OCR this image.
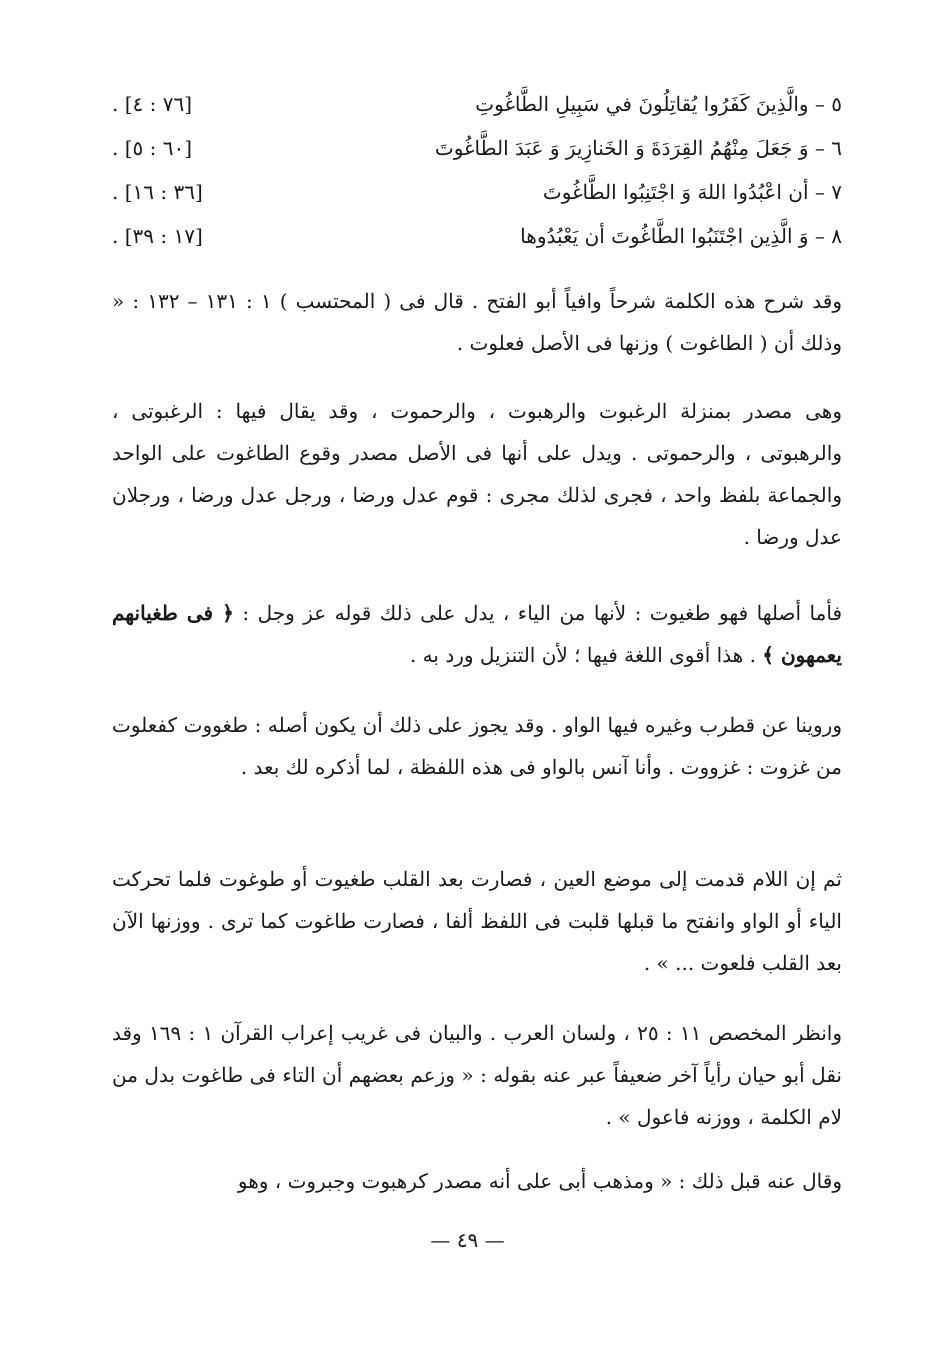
٥ – والَّذِينَ كَفَرُوا يُقاتِلُونَ في سَبِيلِ الطَّاغُوتِ
. [٧٦ : ٤]
٦ – وَ جَعَلَ مِنْهُمُ القِرَدَةَ وَ الخَنازِيرَ وَ عَبَدَ الطَّاغُوتَ
. [٦٠ : ٥]
٧ – أن اعْبُدُوا اللهَ وَ اجْتَنِبُوا الطَّاغُوتَ
. [٣٦ : ١٦]
٨ – وَ الَّذِين اجْتَنَبُوا الطَّاغُوتَ أن يَعْبُدُوها
. [١٧ : ٣٩]

وقد شرح هذه الكلمة شرحاً وافياً أبو الفتح . قال فى ( المحتسب ) ١ : ١٣١ – ١٣٢ : « وذلك أن ( الطاغوت ) وزنها فى الأصل فعلوت .

وهى مصدر بمنزلة الرغبوت والرهبوت ، والرحموت ، وقد يقال فيها : الرغبوتى ، والرهبوتى ، والرحموتى . ويدل على أنها فى الأصل مصدر وقوع الطاغوت على الواحد والجماعة بلفظ واحد ، فجرى لذلك مجرى : قوم عدل ورضا ، ورجل عدل ورضا ، ورجلان عدل ورضا .

فأما أصلها فهو طغيوت : لأنها من الياء ، يدل على ذلك قوله عز وجل : ﴿ فى طغيانهم يعمهون ﴾ . هذا أقوى اللغة فيها ؛ لأن التنزيل ورد به .

وروينا عن قطرب وغيره فيها الواو . وقد يجوز على ذلك أن يكون أصله : طغووت كفعلوت من غزوت : غزووت . وأنا آنس بالواو فى هذه اللفظة ، لما أذكره لك بعد .

ثم إن اللام قدمت إلى موضع العين ، فصارت بعد القلب طغيوت أو طوغوت فلما تحركت الياء أو الواو وانفتح ما قبلها قلبت فى اللفظ ألفا ، فصارت طاغوت كما ترى . ووزنها الآن بعد القلب فلعوت ... » .

وانظر المخصص ١١ : ٢٥ ، ولسان العرب . والبيان فى غريب إعراب القرآن ١ : ١٦٩ وقد نقل أبو حيان رأياً آخر ضعيفاً عبر عنه بقوله : « وزعم بعضهم أن التاء فى طاغوت بدل من لام الكلمة ، ووزنه فاعول » .

وقال عنه قبل ذلك : « ومذهب أبى على أنه مصدر كرهبوت وجبروت ، وهو

— ٤٩ —
